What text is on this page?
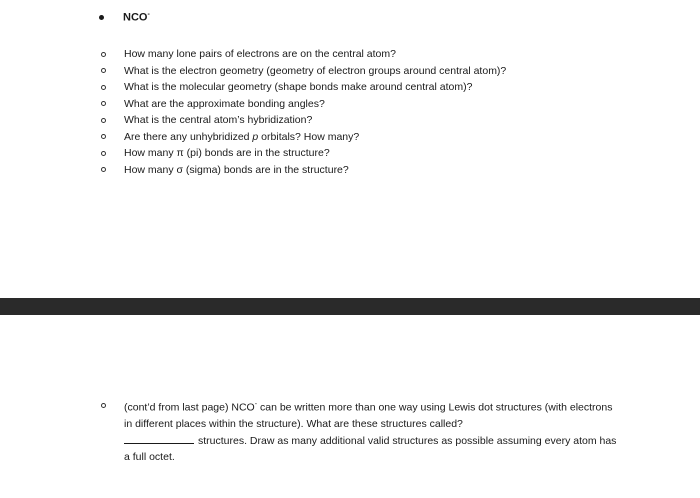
NCO-
How many lone pairs of electrons are on the central atom?
What is the electron geometry (geometry of electron groups around central atom)?
What is the molecular geometry (shape bonds make around central atom)?
What are the approximate bonding angles?
What is the central atom’s hybridization?
Are there any unhybridized p orbitals? How many?
How many π (pi) bonds are in the structure?
How many σ (sigma) bonds are in the structure?
(cont’d from last page) NCO- can be written more than one way using Lewis dot structures (with electrons in different places within the structure). What are these structures called?
structures. Draw as many additional valid structures as possible assuming every atom has a full octet.
